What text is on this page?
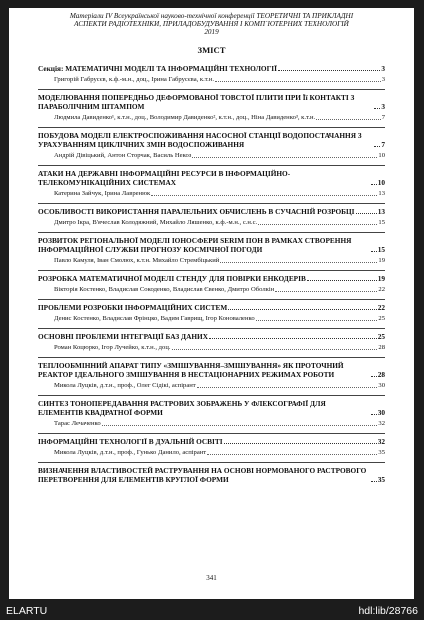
Матеріали IV Всеукраїнської науково-технічної конференції ТЕОРЕТИЧНІ ТА ПРИКЛАДНІ
АСПЕКТИ РАДІОТЕХНІКИ, ПРИЛАДОБУДУВАННЯ І КОМП`ЮТЕРНИХ ТЕХНОЛОГІЙ
2019
ЗМІСТ
Секція: МАТЕМАТИЧНІ МОДЕЛІ ТА ІНФОРМАЦІЙНІ ТЕХНОЛОГІЇ	3
Григорій Габрусєв, к.ф.-м.н., доц., Ірина Габрусєва, к.т.н.	3
МОДЕЛЮВАННЯ ПОПЕРЕДНЬО ДЕФОРМОВАНОЇ ТОВСТОЇ ПЛИТИ ПРИ Її КОНТАКТІ З ПАРАБОЛІЧНИМ ШТАМПОМ	3
Людмила Давиденко¹, к.т.н., доц., Володимир Давиденко², к.т.н., доц., Ніна Давиденко³, к.т.н.	7
ПОБУДОВА МОДЕЛІ ЕЛЕКТРОСПОЖИВАННЯ НАСОСНОЇ СТАНЦІЇ ВОДОПОСТАЧАННЯ З УРАХУВАННЯМ ЦИКЛІЧНИХ ЗМІН ВОДОСПОЖИВАННЯ	7
Андрій Дівіцький, Антон Сторчак, Василь Некоз	10
АТАКИ НА ДЕРЖАВНІ ІНФОРМАЦІЙНІ РЕСУРСИ В ІНФОРМАЦІЙНО-ТЕЛЕКОМУНІКАЦІЙНИХ СИСТЕМАХ	10
Катерина Зайчук, Ірина Лавренюк	13
ОСОБЛИВОСТІ ВИКОРИСТАННЯ ПАРАЛЕЛЬНИХ ОБЧИСЛЕНЬ В СУЧАСНІЙ РОЗРОБЦІ	13
Дмитро Ікра, В'ячеслав Колодяжний, Михайло Ляшенко, к.ф.-м.н., с.н.с.	15
РОЗВИТОК РЕГІОНАЛЬНОЇ МОДЕЛІ ІОНОСФЕРИ SERIM ПОН В РАМКАХ СТВОРЕННЯ ІНФОРМАЦІЙНОЇ СЛУЖБИ ПРОГНОЗУ КОСМІЧНОЇ ПОГОДИ	15
Павло Камуля, Іван Смолюх, к.т.н. Михайло Стрембіцький	19
РОЗРОБКА МАТЕМАТИЧНОЇ МОДЕЛІ СТЕНДУ ДЛЯ ПОВІРКИ ЕНКОДЕРІВ	19
Вікторія Костенко, Владислав Сокоденко, Владислав Євенко, Дмитро Оболкін	22
ПРОБЛЕМИ РОЗРОБКИ ІНФОРМАЦІЙНИХ СИСТЕМ	22
Денис Костенко, Владислав Фрінцко, Вадим Гаврищ, Ігор Коноваленко	25
ОСНОВНІ ПРОБЛЕМИ ІНТЕГРАЦІЇ БАЗ ДАНИХ	25
Роман Коцюрко, Ігор Лучейко, к.т.н., доц.	28
ТЕПЛООБМІННИЙ АПАРАТ ТИПУ «ЗМІШУВАННЯ–ЗМІШУВАННЯ» ЯК ПРОТОЧНИЙ РЕАКТОР ІДЕАЛЬНОГО ЗМІШУВАННЯ В НЕСТАЦІОНАРНИХ РЕЖИМАХ РОБОТИ	28
Микола Луцків, д.т.н., проф., Олег Сідікі, аспірант	30
СИНТЕЗ ТОНОПЕРЕДАВАННЯ РАСТРОВИХ ЗОБРАЖЕНЬ У ФЛЕКСОГРАФІЇ ДЛЯ ЕЛЕМЕНТІВ КВАДРАТНОЇ ФОРМИ	30
Тарас Лечаченко	32
ІНФОРМАЦІЙНІ ТЕХНОЛОГІЇ В ДУАЛЬНІЙ ОСВІТІ	32
Микола Луцків, д.т.н., проф., Гунько Данило, аспірант	35
ВИЗНАЧЕННЯ ВЛАСТИВОСТЕЙ РАСТРУВАННЯ НА ОСНОВІ НОРМОВАНОГО РАСТРОВОГО ПЕРЕТВОРЕННЯ ДЛЯ ЕЛЕМЕНТІВ КРУГЛОЇ ФОРМИ	35
341
ELARTU	hdl:lib/28766
